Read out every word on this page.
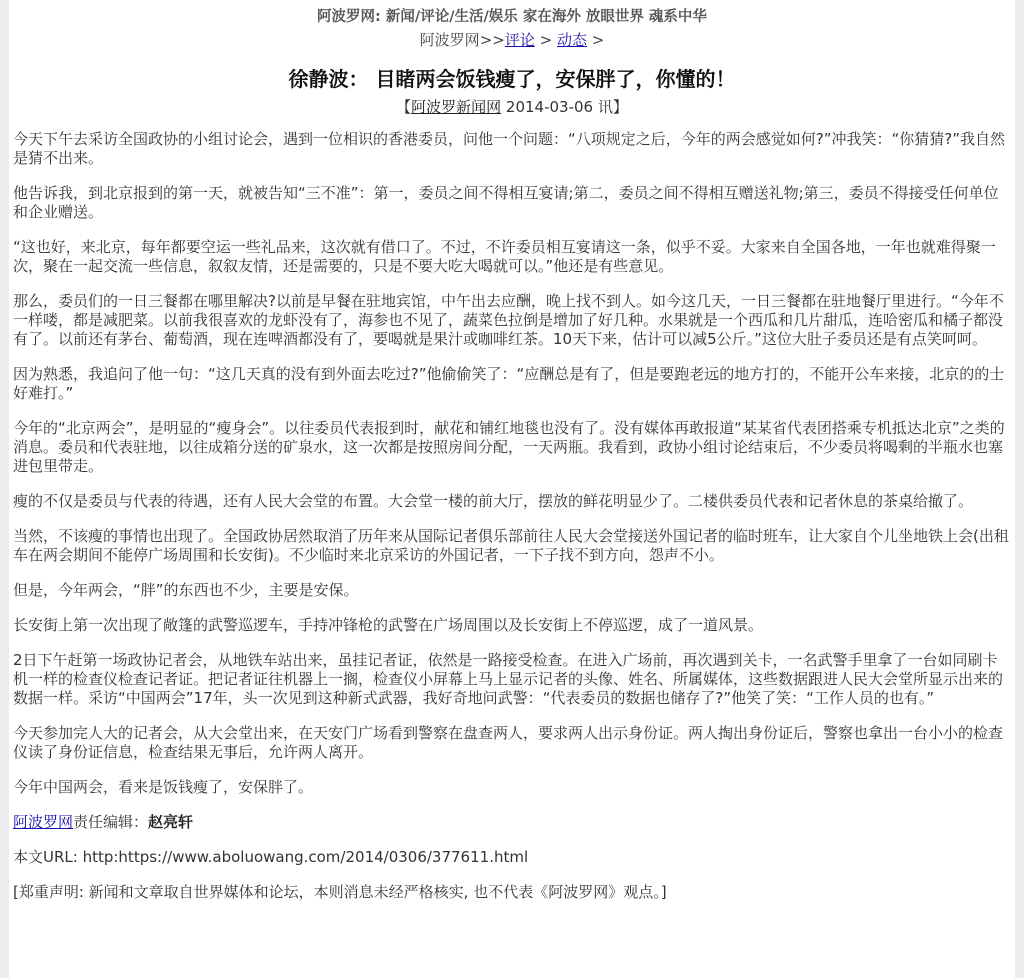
阿波罗网: 新闻/评论/生活/娱乐 家在海外 放眼世界 魂系中华
阿波罗网>>评论 > 动态 >
徐静波： 目睹两会饭钱瘦了，安保胖了，你懂的！
【阿波罗新闻网 2014-03-06 讯】

今天下午去采访全国政协的小组讨论会，遇到一位相识的香港委员，问他一个问题：“八项规定之后，今年的两会感觉如何?”冲我笑：“你猜猜?”我自然是猜不出来。

他告诉我，到北京报到的第一天，就被告知“三不准”：第一，委员之间不得相互宴请;第二，委员之间不得相互赠送礼物;第三，委员不得接受任何单位和企业赠送。

“这也好，来北京，每年都要空运一些礼品来，这次就有借口了。不过，不许委员相互宴请这一条，似乎不妥。大家来自全国各地，一年也就难得聚一次，聚在一起交流一些信息，叙叙友情，还是需要的，只是不要大吃大喝就可以。”他还是有些意见。

那么，委员们的一日三餐都在哪里解决?以前是早餐在驻地宾馆，中午出去应酬，晚上找不到人。如今这几天，一日三餐都在驻地餐厅里进行。“今年不一样喽，都是减肥菜。以前我很喜欢的龙虾没有了，海参也不见了，蔬菜色拉倒是增加了好几种。水果就是一个西瓜和几片甜瓜，连哈密瓜和橘子都没有了。以前还有茅台、葡萄酒，现在连啤酒都没有了，要喝就是果汁或咖啡红茶。10天下来，估计可以减5公斤。”这位大肚子委员还是有点笑呵呵。

因为熟悉，我追问了他一句：“这几天真的没有到外面去吃过?”他偷偷笑了：“应酬总是有了，但是要跑老远的地方打的，不能开公车来接，北京的的士好难打。”

今年的“北京两会”，是明显的“瘦身会”。以往委员代表报到时，献花和铺红地毯也没有了。没有媒体再敢报道“某某省代表团搭乘专机抵达北京”之类的消息。委员和代表驻地，以往成箱分送的矿泉水，这一次都是按照房间分配，一天两瓶。我看到，政协小组讨论结束后，不少委员将喝剩的半瓶水也塞进包里带走。

瘦的不仅是委员与代表的待遇，还有人民大会堂的布置。大会堂一楼的前大厅，摆放的鲜花明显少了。二楼供委员代表和记者休息的茶桌给撤了。

当然，不该瘦的事情也出现了。全国政协居然取消了历年来从国际记者俱乐部前往人民大会堂接送外国记者的临时班车，让大家自个儿坐地铁上会(出租车在两会期间不能停广场周围和长安街)。不少临时来北京采访的外国记者，一下子找不到方向，怨声不小。

但是，今年两会，“胖”的东西也不少，主要是安保。

长安街上第一次出现了敞篷的武警巡逻车，手持冲锋枪的武警在广场周围以及长安街上不停巡逻，成了一道风景。

2日下午赶第一场政协记者会，从地铁车站出来，虽挂记者证，依然是一路接受检查。在进入广场前，再次遇到关卡，一名武警手里拿了一台如同刷卡机一样的检查仪检查记者证。把记者证往机器上一搁，检查仪小屏幕上马上显示记者的头像、姓名、所属媒体，这些数据跟进人民大会堂所显示出来的数据一样。采访“中国两会”17年，头一次见到这种新式武器，我好奇地问武警：“代表委员的数据也储存了?”他笑了笑：“工作人员的也有。”

今天参加完人大的记者会，从大会堂出来，在天安门广场看到警察在盘查两人，要求两人出示身份证。两人掏出身份证后，警察也拿出一台小小的检查仪读了身份证信息，检查结果无事后，允许两人离开。

今年中国两会，看来是饭钱瘦了，安保胖了。

阿波罗网责任编辑：赵亮轩
本文URL: http:https://www.aboluowang.com/2014/0306/377611.html
[郑重声明: 新闻和文章取自世界媒体和论坛，本则消息未经严格核实, 也不代表《阿波罗网》观点。]
